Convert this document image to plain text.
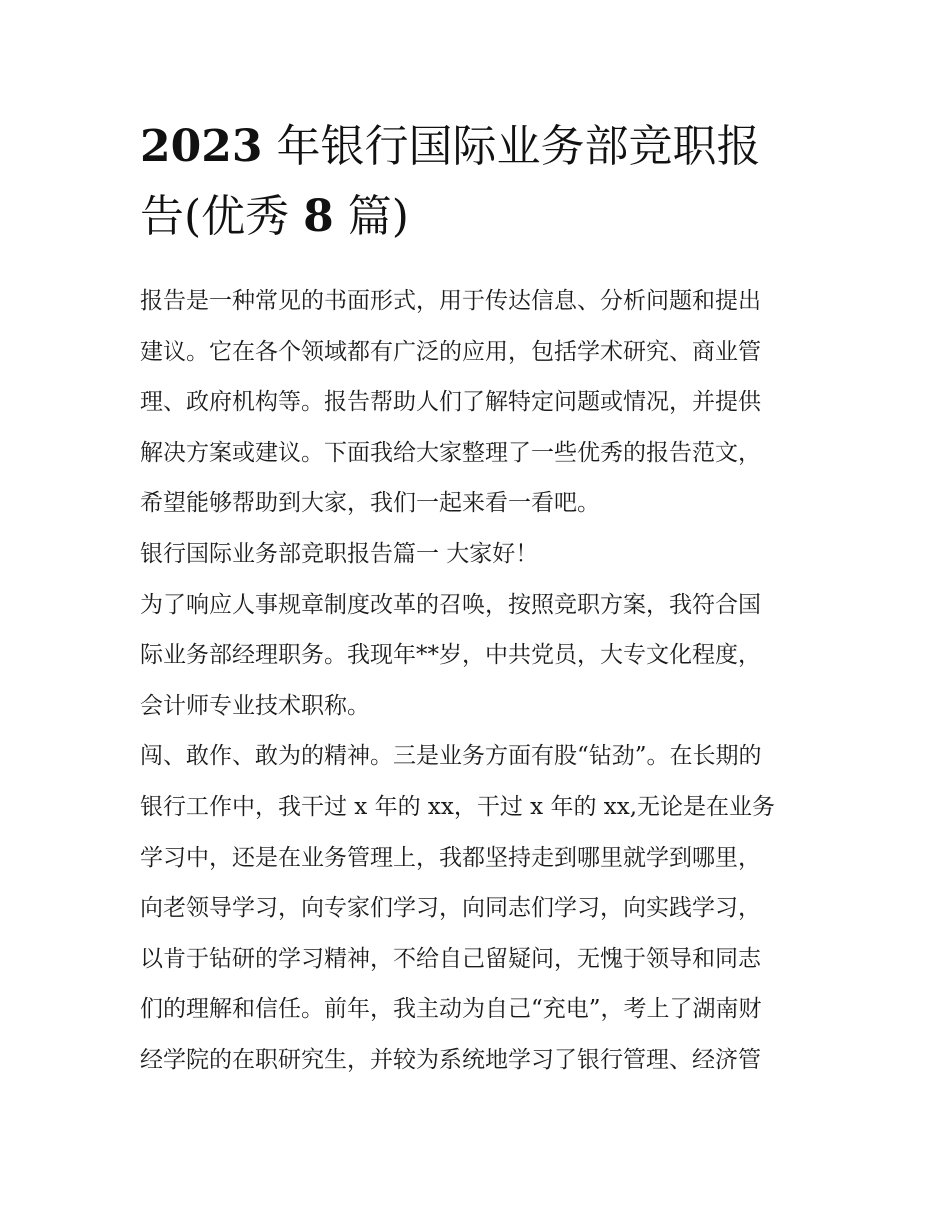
2023 年银行国际业务部竞职报
告(优秀 8 篇)
报告是一种常见的书面形式，用于传达信息、分析问题和提出
建议。它在各个领域都有广泛的应用，包括学术研究、商业管
理、政府机构等。报告帮助人们了解特定问题或情况，并提供
解决方案或建议。下面我给大家整理了一些优秀的报告范文，
希望能够帮助到大家，我们一起来看一看吧。
银行国际业务部竞职报告篇一 大家好！
为了响应人事规章制度改革的召唤，按照竞职方案，我符合国
际业务部经理职务。我现年**岁，中共党员，大专文化程度，
会计师专业技术职称。
闯、敢作、敢为的精神。三是业务方面有股“钻劲”。在长期的
银行工作中，我干过 x 年的 xx，干过 x 年的 xx,无论是在业务
学习中，还是在业务管理上，我都坚持走到哪里就学到哪里，
向老领导学习，向专家们学习，向同志们学习，向实践学习，
以肯于钻研的学习精神，不给自己留疑问，无愧于领导和同志
们的理解和信任。前年，我主动为自己“充电”，考上了湖南财
经学院的在职研究生，并较为系统地学习了银行管理、经济管
